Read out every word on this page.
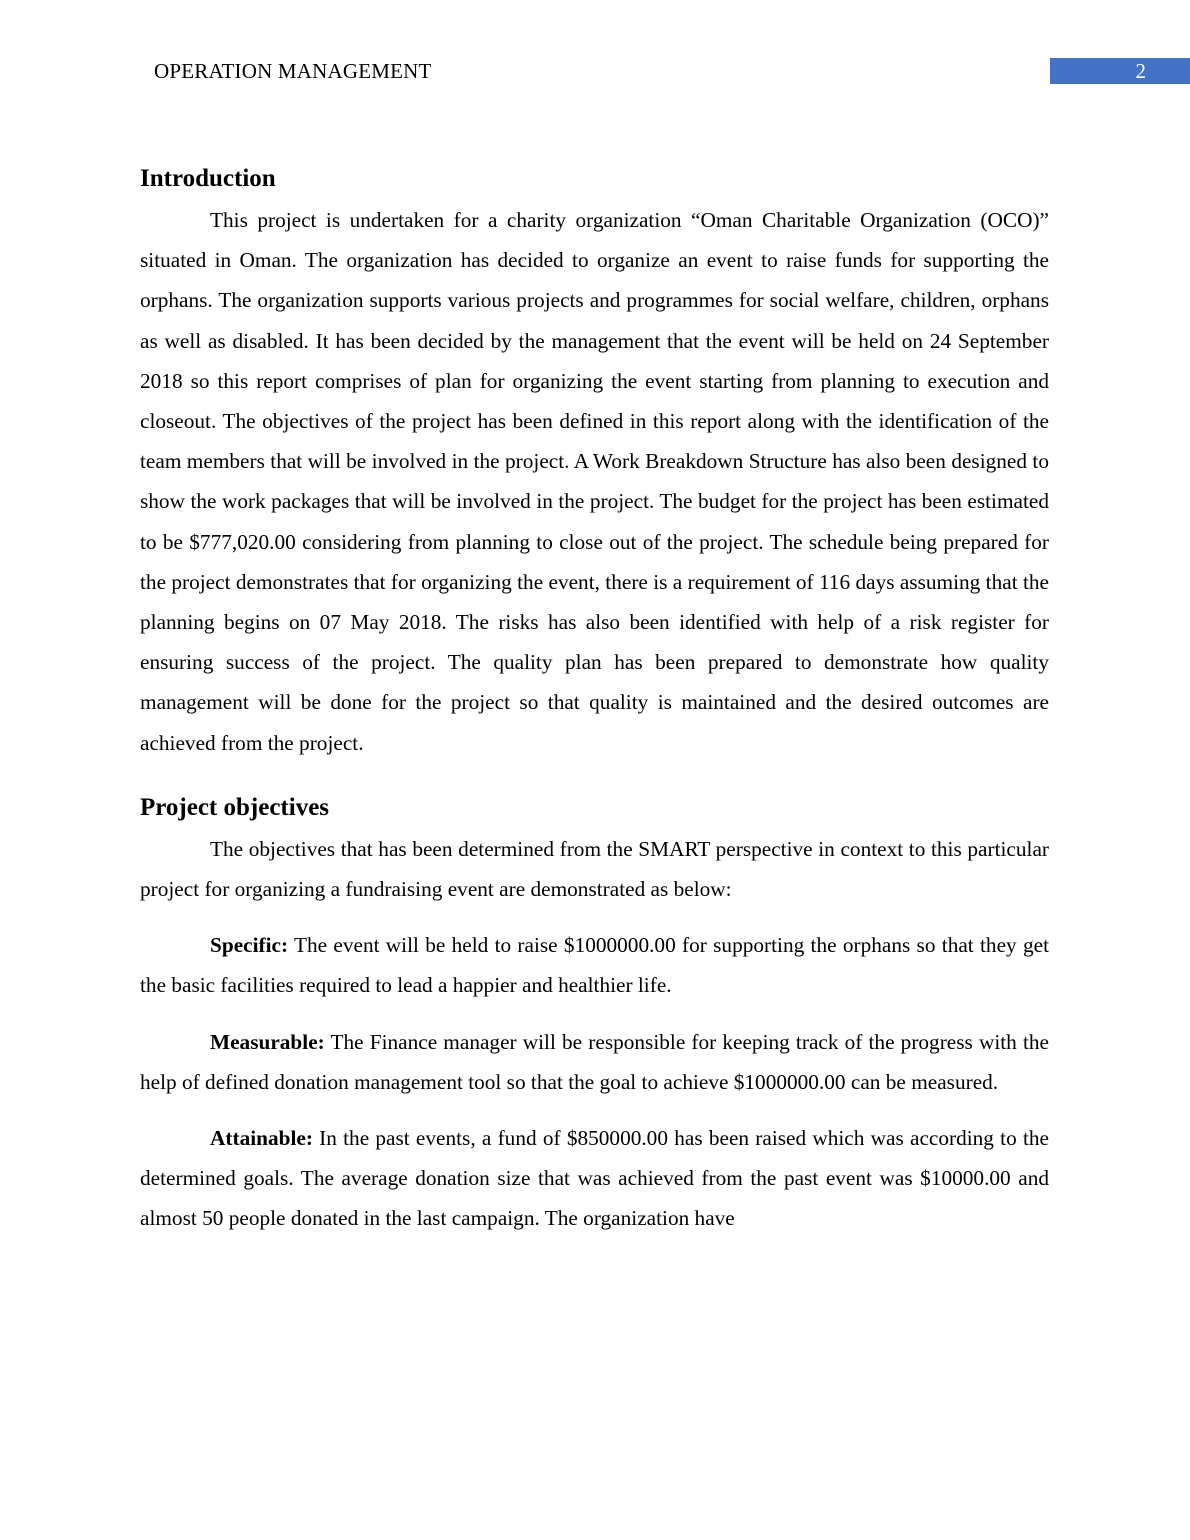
OPERATION MANAGEMENT	2
Introduction

This project is undertaken for a charity organization “Oman Charitable Organization (OCO)” situated in Oman. The organization has decided to organize an event to raise funds for supporting the orphans. The organization supports various projects and programmes for social welfare, children, orphans as well as disabled. It has been decided by the management that the event will be held on 24 September 2018 so this report comprises of plan for organizing the event starting from planning to execution and closeout. The objectives of the project has been defined in this report along with the identification of the team members that will be involved in the project. A Work Breakdown Structure has also been designed to show the work packages that will be involved in the project. The budget for the project has been estimated to be $777,020.00 considering from planning to close out of the project. The schedule being prepared for the project demonstrates that for organizing the event, there is a requirement of 116 days assuming that the planning begins on 07 May 2018. The risks has also been identified with help of a risk register for ensuring success of the project. The quality plan has been prepared to demonstrate how quality management will be done for the project so that quality is maintained and the desired outcomes are achieved from the project.

Project objectives

The objectives that has been determined from the SMART perspective in context to this particular project for organizing a fundraising event are demonstrated as below:

Specific: The event will be held to raise $1000000.00 for supporting the orphans so that they get the basic facilities required to lead a happier and healthier life.

Measurable: The Finance manager will be responsible for keeping track of the progress with the help of defined donation management tool so that the goal to achieve $1000000.00 can be measured.

Attainable: In the past events, a fund of $850000.00 has been raised which was according to the determined goals. The average donation size that was achieved from the past event was $10000.00 and almost 50 people donated in the last campaign. The organization have
